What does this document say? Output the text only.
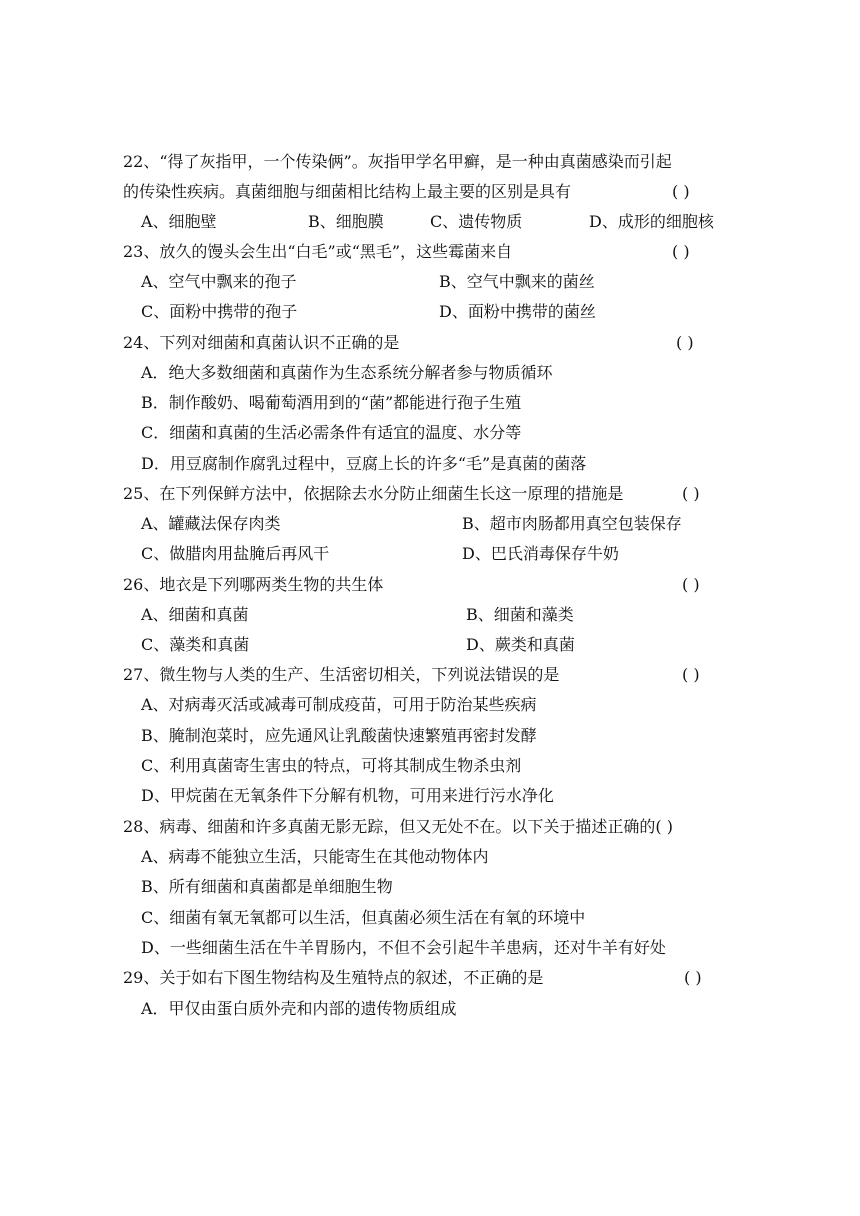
22、“得了灰指甲，一个传染俩”。灰指甲学名甲癣，是一种由真菌感染而引起
的传染性疾病。真菌细胞与细菌相比结构上最主要的区别是具有	( )
A、细胞壁	B、细胞膜	C、遗传物质	D、成形的细胞核
23、放久的馒头会生出“白毛”或“黑毛”，这些霉菌来自	( )
A、空气中飘来的孢子	B、空气中飘来的菌丝
C、面粉中携带的孢子	D、面粉中携带的菌丝
24、下列对细菌和真菌认识不正确的是	( )
A．绝大多数细菌和真菌作为生态系统分解者参与物质循环
B．制作酸奶、喝葡萄酒用到的“菌”都能进行孢子生殖
C．细菌和真菌的生活必需条件有适宜的温度、水分等
D．用豆腐制作腐乳过程中，豆腐上长的许多“毛”是真菌的菌落
25、在下列保鲜方法中，依据除去水分防止细菌生长这一原理的措施是	( )
A、罐藏法保存肉类	B、超市肉肠都用真空包装保存
C、做腊肉用盐腌后再风干	D、巴氏消毒保存牛奶
26、地衣是下列哪两类生物的共生体	( )
A、细菌和真菌	B、细菌和藻类
C、藻类和真菌	D、蕨类和真菌
27、微生物与人类的生产、生活密切相关，下列说法错误的是	( )
A、对病毒灭活或减毒可制成疫苗，可用于防治某些疾病
B、腌制泡菜时，应先通风让乳酸菌快速繁殖再密封发酵
C、利用真菌寄生害虫的特点，可将其制成生物杀虫剂
D、甲烷菌在无氧条件下分解有机物，可用来进行污水净化
28、病毒、细菌和许多真菌无影无踪，但又无处不在。以下关于描述正确的( )
A、病毒不能独立生活，只能寄生在其他动物体内
B、所有细菌和真菌都是单细胞生物
C、细菌有氧无氧都可以生活，但真菌必须生活在有氧的环境中
D、一些细菌生活在牛羊胃肠内，不但不会引起牛羊患病，还对牛羊有好处
29、关于如右下图生物结构及生殖特点的叙述，不正确的是	( )
A．甲仅由蛋白质外壳和内部的遗传物质组成
